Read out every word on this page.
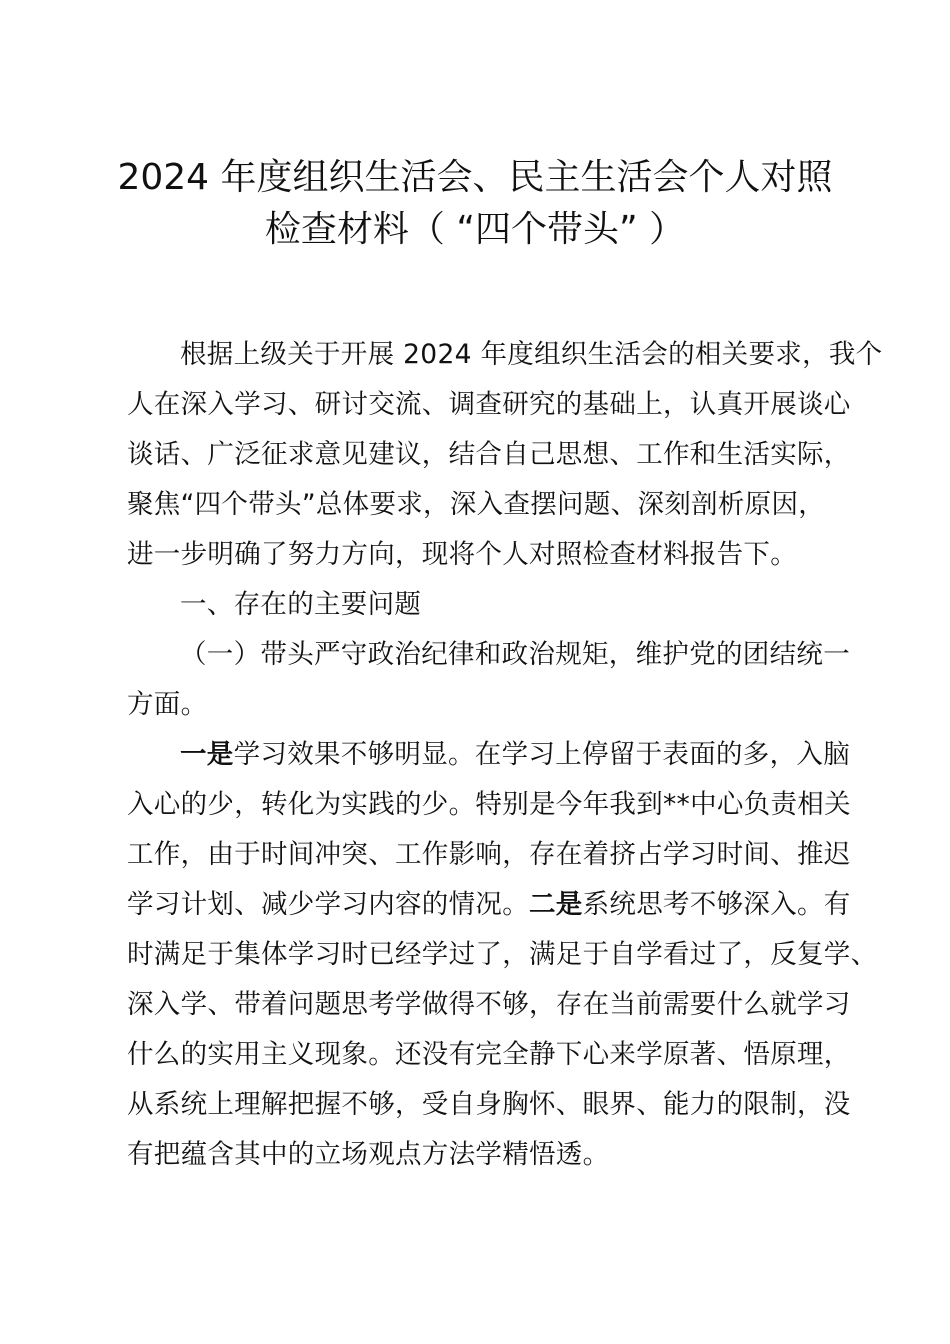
2024 年度组织生活会、民主生活会个人对照
检查材料（ “四个带头” ）
根据上级关于开展 2024 年度组织生活会的相关要求，我个
人在深入学习、研讨交流、调查研究的基础上，认真开展谈心
谈话、广泛征求意见建议，结合自己思想、工作和生活实际，
聚焦“四个带头”总体要求，深入查摆问题、深刻剖析原因，
进一步明确了努力方向，现将个人对照检查材料报告下。
一、存在的主要问题
（一）带头严守政治纪律和政治规矩，维护党的团结统一
方面。
一是学习效果不够明显。在学习上停留于表面的多，入脑
入心的少，转化为实践的少。特别是今年我到**中心负责相关
工作，由于时间冲突、工作影响，存在着挤占学习时间、推迟
学习计划、减少学习内容的情况。二是系统思考不够深入。有
时满足于集体学习时已经学过了，满足于自学看过了，反复学、
深入学、带着问题思考学做得不够，存在当前需要什么就学习
什么的实用主义现象。还没有完全静下心来学原著、悟原理，
从系统上理解把握不够，受自身胸怀、眼界、能力的限制，没
有把蕴含其中的立场观点方法学精悟透。
